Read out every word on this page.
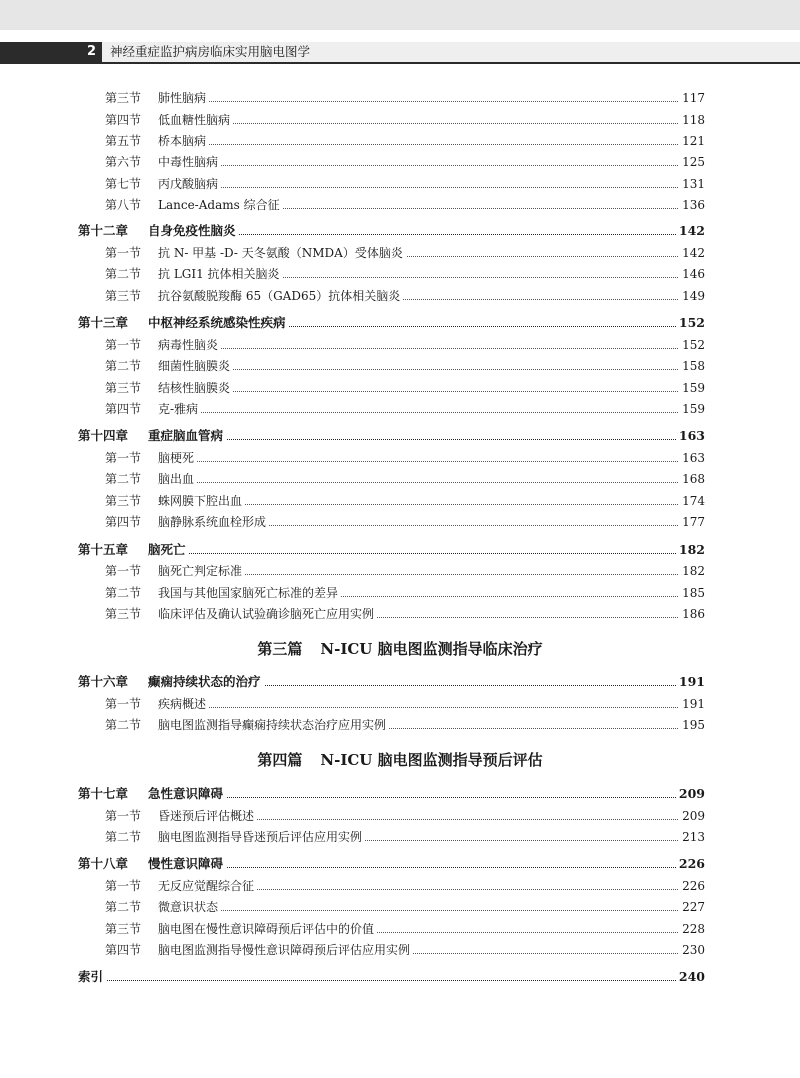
2	神经重症监护病房临床实用脑电图学
第三节 肺性脑病	117
第四节 低血糖性脑病	118
第五节 桥本脑病	121
第六节 中毒性脑病	125
第七节 丙戊酸脑病	131
第八节 Lance-Adams 综合征	136
第十二章 自身免疫性脑炎	142
第一节 抗 N- 甲基 -D- 天冬氨酸（NMDA）受体脑炎	142
第二节 抗 LGI1 抗体相关脑炎	146
第三节 抗谷氨酸脱羧酶 65（GAD65）抗体相关脑炎	149
第十三章 中枢神经系统感染性疾病	152
第一节 病毒性脑炎	152
第二节 细菌性脑膜炎	158
第三节 结核性脑膜炎	159
第四节 克-雅病	159
第十四章 重症脑血管病	163
第一节 脑梗死	163
第二节 脑出血	168
第三节 蛛网膜下腔出血	174
第四节 脑静脉系统血栓形成	177
第十五章 脑死亡	182
第一节 脑死亡判定标准	182
第二节 我国与其他国家脑死亡标准的差异	185
第三节 临床评估及确认试验确诊脑死亡应用实例	186
第三篇 N-ICU 脑电图监测指导临床治疗
第十六章 癫痫持续状态的治疗	191
第一节 疾病概述	191
第二节 脑电图监测指导癫痫持续状态治疗应用实例	195
第四篇 N-ICU 脑电图监测指导预后评估
第十七章 急性意识障碍	209
第一节 昏迷预后评估概述	209
第二节 脑电图监测指导昏迷预后评估应用实例	213
第十八章 慢性意识障碍	226
第一节 无反应觉醒综合征	226
第二节 微意识状态	227
第三节 脑电图在慢性意识障碍预后评估中的价值	228
第四节 脑电图监测指导慢性意识障碍预后评估应用实例	230
索引	240
